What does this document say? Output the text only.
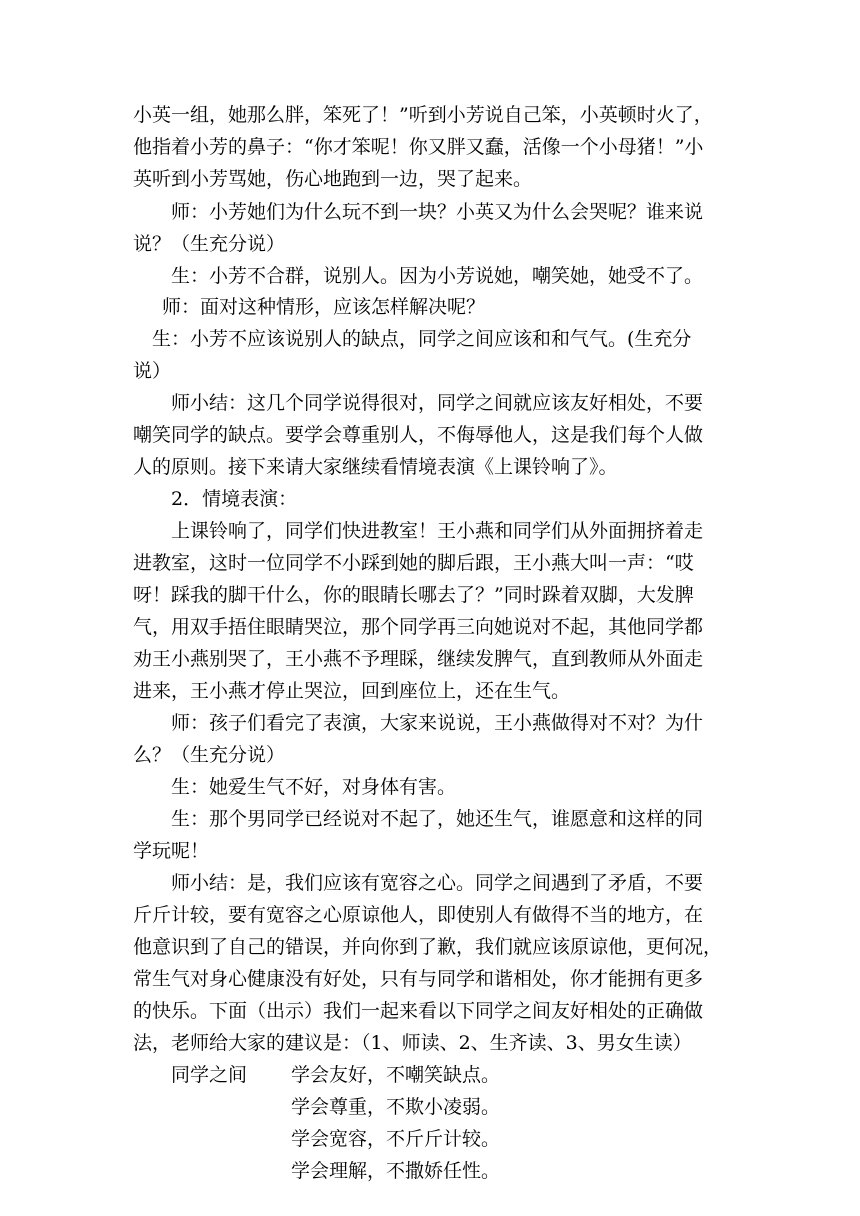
小英一组，她那么胖，笨死了！”听到小芳说自己笨，小英顿时火了，
他指着小芳的鼻子：“你才笨呢！你又胖又蠢，活像一个小母猪！”小
英听到小芳骂她，伤心地跑到一边，哭了起来。
师：小芳她们为什么玩不到一块？小英又为什么会哭呢？谁来说
说？（生充分说）
生：小芳不合群，说别人。因为小芳说她，嘲笑她，她受不了。
师：面对这种情形，应该怎样解决呢？
生：小芳不应该说别人的缺点，同学之间应该和和气气。(生充分
说）
师小结：这几个同学说得很对，同学之间就应该友好相处，不要
嘲笑同学的缺点。要学会尊重别人，不侮辱他人，这是我们每个人做
人的原则。接下来请大家继续看情境表演《上课铃响了》。
2．情境表演：
上课铃响了，同学们快进教室！王小燕和同学们从外面拥挤着走
进教室，这时一位同学不小踩到她的脚后跟，王小燕大叫一声：“哎
呀！踩我的脚干什么，你的眼睛长哪去了？”同时跺着双脚，大发脾
气，用双手捂住眼睛哭泣，那个同学再三向她说对不起，其他同学都
劝王小燕别哭了，王小燕不予理睬，继续发脾气，直到教师从外面走
进来，王小燕才停止哭泣，回到座位上，还在生气。
师：孩子们看完了表演，大家来说说，王小燕做得对不对？为什
么？（生充分说）
生：她爱生气不好，对身体有害。
生：那个男同学已经说对不起了，她还生气，谁愿意和这样的同
学玩呢！
师小结：是，我们应该有宽容之心。同学之间遇到了矛盾，不要
斤斤计较，要有宽容之心原谅他人，即使别人有做得不当的地方，在
他意识到了自己的错误，并向你到了歉，我们就应该原谅他，更何况，
常生气对身心健康没有好处，只有与同学和谐相处，你才能拥有更多
的快乐。下面（出示）我们一起来看以下同学之间友好相处的正确做
法，老师给大家的建议是：（1、师读、2、生齐读、3、男女生读）
同学之间 学会友好，不嘲笑缺点。
学会尊重，不欺小凌弱。
学会宽容，不斤斤计较。
学会理解，不撒娇任性。
